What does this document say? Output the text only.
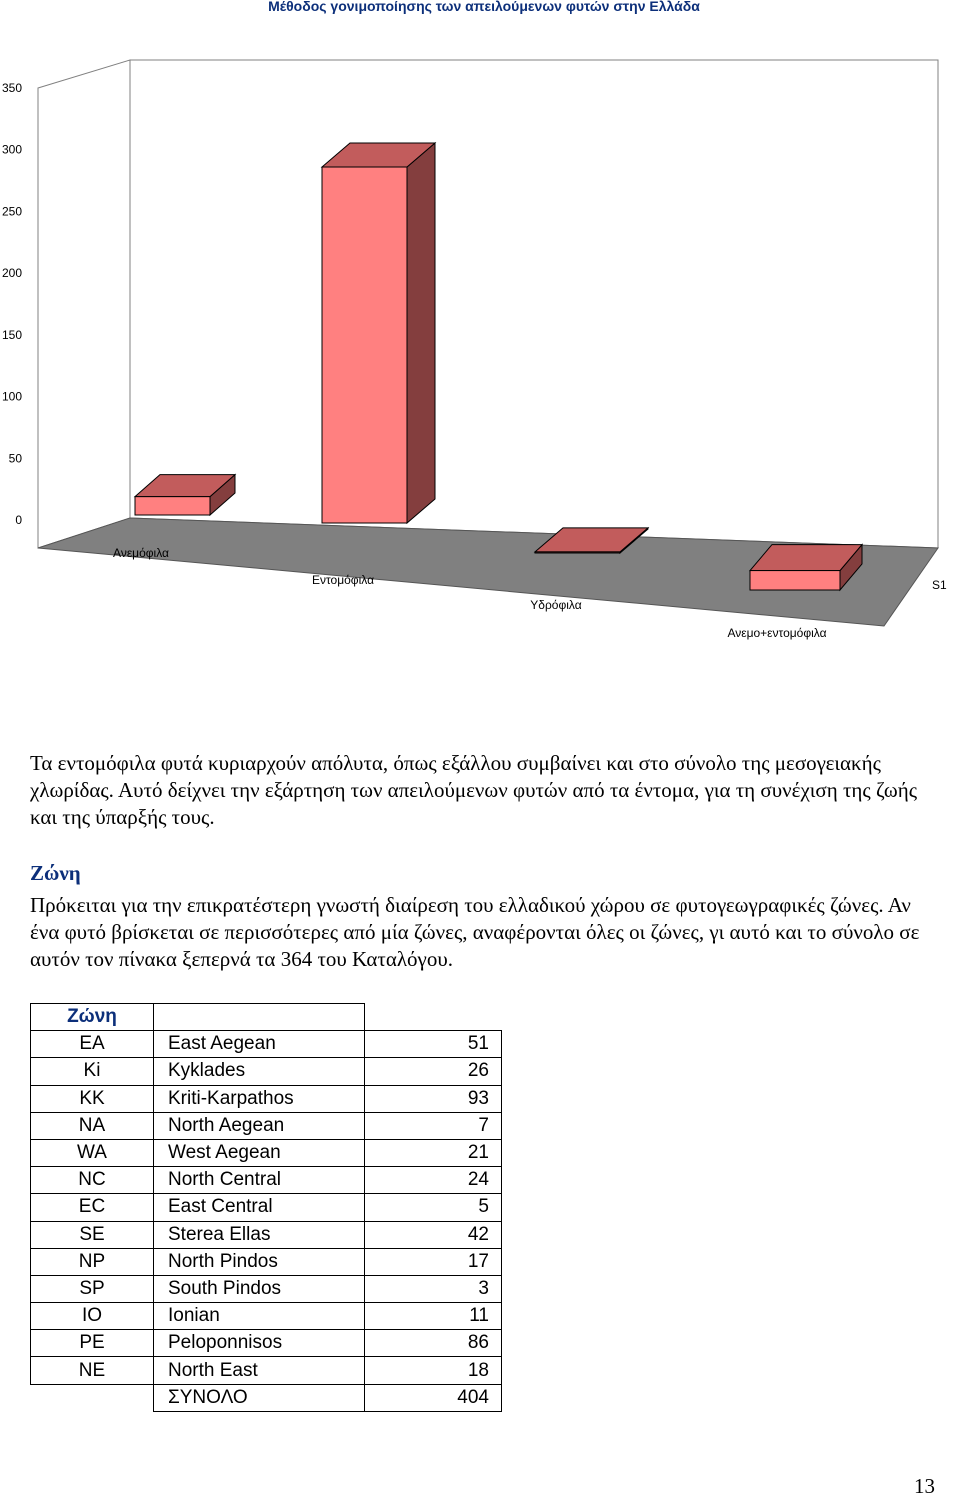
Μέθοδος γονιμοποίησης των απειλούμενων φυτών στην Ελλάδα
0
50
100
150
200
250
300
350
Ανεμόφιλα
Εντομόφιλα
Υδρόφιλα
Ανεμο+εντομόφιλα
S1

Τα εντομόφιλα φυτά κυριαρχούν απόλυτα, όπως εξάλλου συμβαίνει και στο σύνολο της μεσογειακής χλωρίδας. Αυτό δείχνει την εξάρτηση των απειλούμενων φυτών από τα έντομα, για τη συνέχιση της ζωής και της ύπαρξής τους.

Ζώνη

Πρόκειται για την επικρατέστερη γνωστή διαίρεση του ελλαδικού χώρου σε φυτογεωγραφικές ζώνες. Αν ένα φυτό βρίσκεται σε περισσότερες από μία ζώνες, αναφέρονται όλες οι ζώνες, γι αυτό και το σύνολο σε αυτόν τον πίνακα ξεπερνά τα 364 του Καταλόγου.

Ζώνη		
EA	East Aegean	51
Ki	Kyklades	26
KK	Kriti-Karpathos	93
NA	North Aegean	7
WA	West Aegean	21
NC	North Central	24
EC	East Central	5
SE	Sterea Ellas	42
NP	North Pindos	17
SP	South Pindos	3
IO	Ionian	11
PE	Peloponnisos	86
NE	North East	18
	ΣΥΝΟΛΟ	404
13
